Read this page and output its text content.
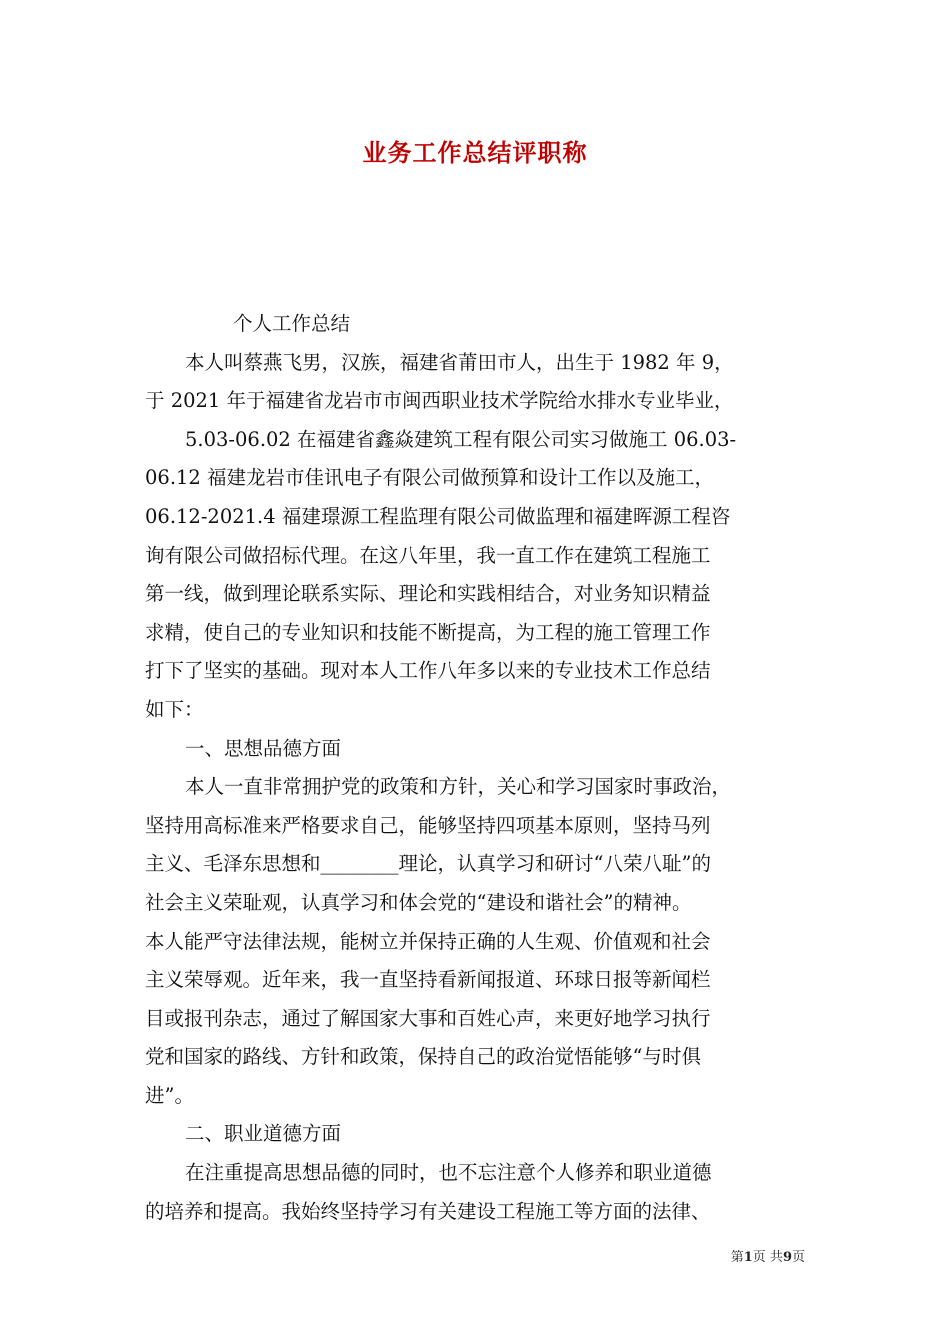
业务工作总结评职称
个人工作总结
本人叫蔡燕飞男，汉族，福建省莆田市人，出生于 1982 年 9，
于 2021 年于福建省龙岩市市闽西职业技术学院给水排水专业毕业，
5.03-06.02 在福建省鑫焱建筑工程有限公司实习做施工 06.03-
06.12 福建龙岩市佳讯电子有限公司做预算和设计工作以及施工，
06.12-2021.4 福建璟源工程监理有限公司做监理和福建晖源工程咨
询有限公司做招标代理。在这八年里，我一直工作在建筑工程施工
第一线，做到理论联系实际、理论和实践相结合，对业务知识精益
求精，使自己的专业知识和技能不断提高，为工程的施工管理工作
打下了坚实的基础。现对本人工作八年多以来的专业技术工作总结
如下：
一、思想品德方面
本人一直非常拥护党的政策和方针，关心和学习国家时事政治，
坚持用高标准来严格要求自己，能够坚持四项基本原则，坚持马列
主义、毛泽东思想和________理论，认真学习和研讨“八荣八耻”的
社会主义荣耻观，认真学习和体会党的“建设和谐社会”的精神。
本人能严守法律法规，能树立并保持正确的人生观、价值观和社会
主义荣辱观。近年来，我一直坚持看新闻报道、环球日报等新闻栏
目或报刊杂志，通过了解国家大事和百姓心声，来更好地学习执行
党和国家的路线、方针和政策，保持自己的政治觉悟能够“与时俱
进”。
二、职业道德方面
在注重提高思想品德的同时，也不忘注意个人修养和职业道德
的培养和提高。我始终坚持学习有关建设工程施工等方面的法律、
第1页 共9页
